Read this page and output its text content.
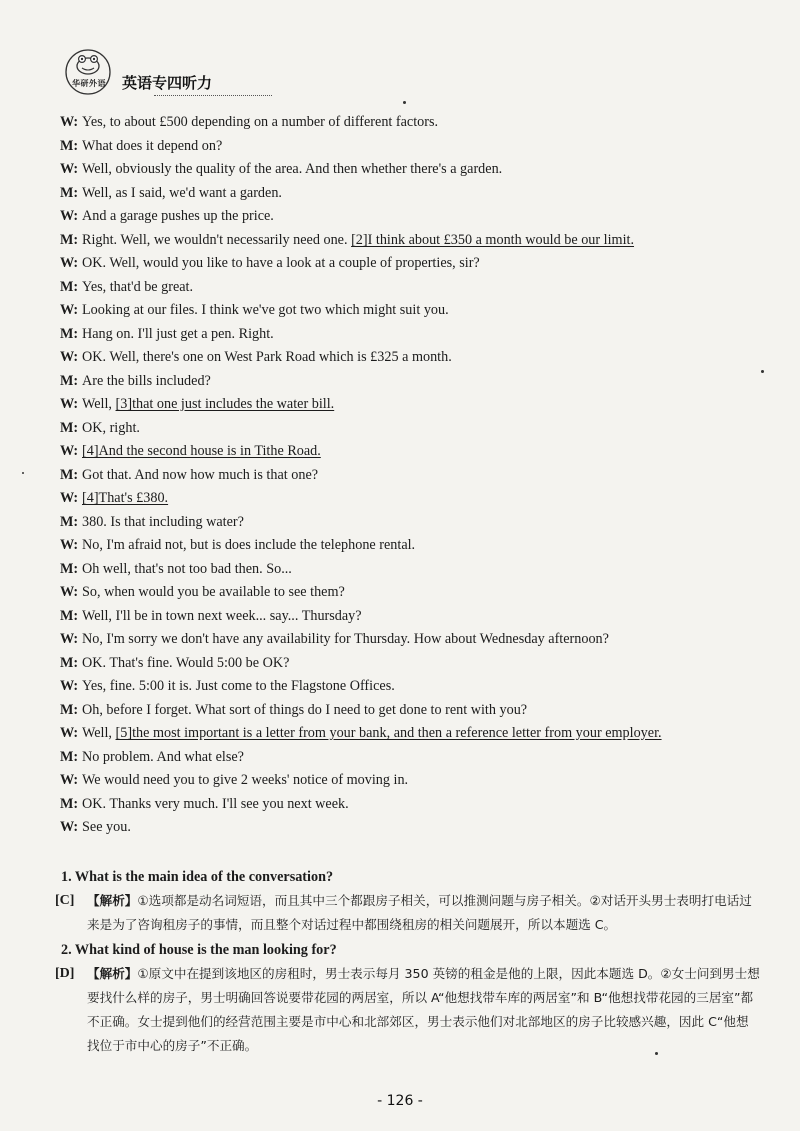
华研外语 英语专四听力
W: Yes, to about £500 depending on a number of different factors.
M: What does it depend on?
W: Well, obviously the quality of the area. And then whether there's a garden.
M: Well, as I said, we'd want a garden.
W: And a garage pushes up the price.
M: Right. Well, we wouldn't necessarily need one. [2]I think about £350 a month would be our limit.
W: OK. Well, would you like to have a look at a couple of properties, sir?
M: Yes, that'd be great.
W: Looking at our files. I think we've got two which might suit you.
M: Hang on. I'll just get a pen. Right.
W: OK. Well, there's one on West Park Road which is £325 a month.
M: Are the bills included?
W: Well, [3]that one just includes the water bill.
M: OK, right.
W: [4]And the second house is in Tithe Road.
M: Got that. And now how much is that one?
W: [4]That's £380.
M: 380. Is that including water?
W: No, I'm afraid not, but is does include the telephone rental.
M: Oh well, that's not too bad then. So...
W: So, when would you be available to see them?
M: Well, I'll be in town next week... say... Thursday?
W: No, I'm sorry we don't have any availability for Thursday. How about Wednesday afternoon?
M: OK. That's fine. Would 5:00 be OK?
W: Yes, fine. 5:00 it is. Just come to the Flagstone Offices.
M: Oh, before I forget. What sort of things do I need to get done to rent with you?
W: Well, [5]the most important is a letter from your bank, and then a reference letter from your employer.
M: No problem. And what else?
W: We would need you to give 2 weeks' notice of moving in.
M: OK. Thanks very much. I'll see you next week.
W: See you.
1. What is the main idea of the conversation?
[C] 【解析】①选项都是动名词短语，而且其中三个都跟房子相关，可以推测问题与房子相关。②对话开头男士表明打电话过来是为了咨询租房子的事情，而且整个对话过程中都围绕租房的相关问题展开，所以本题选 C。
2. What kind of house is the man looking for?
[D] 【解析】①原文中在提到该地区的房租时，男士表示每月 350 英镑的租金是他的上限，因此本题选 D。②女士问到男士想要找什么样的房子，男士明确回答说要带花园的两居室，所以 A“他想找带车库的两居室”和 B“他想找带花园的三居室”都不正确。女士提到他们的经营范围主要是市中心和北部郊区，男士表示他们对北部地区的房子比较感兴趣，因此 C“他想找位于市中心的房子”不正确。
- 126 -
